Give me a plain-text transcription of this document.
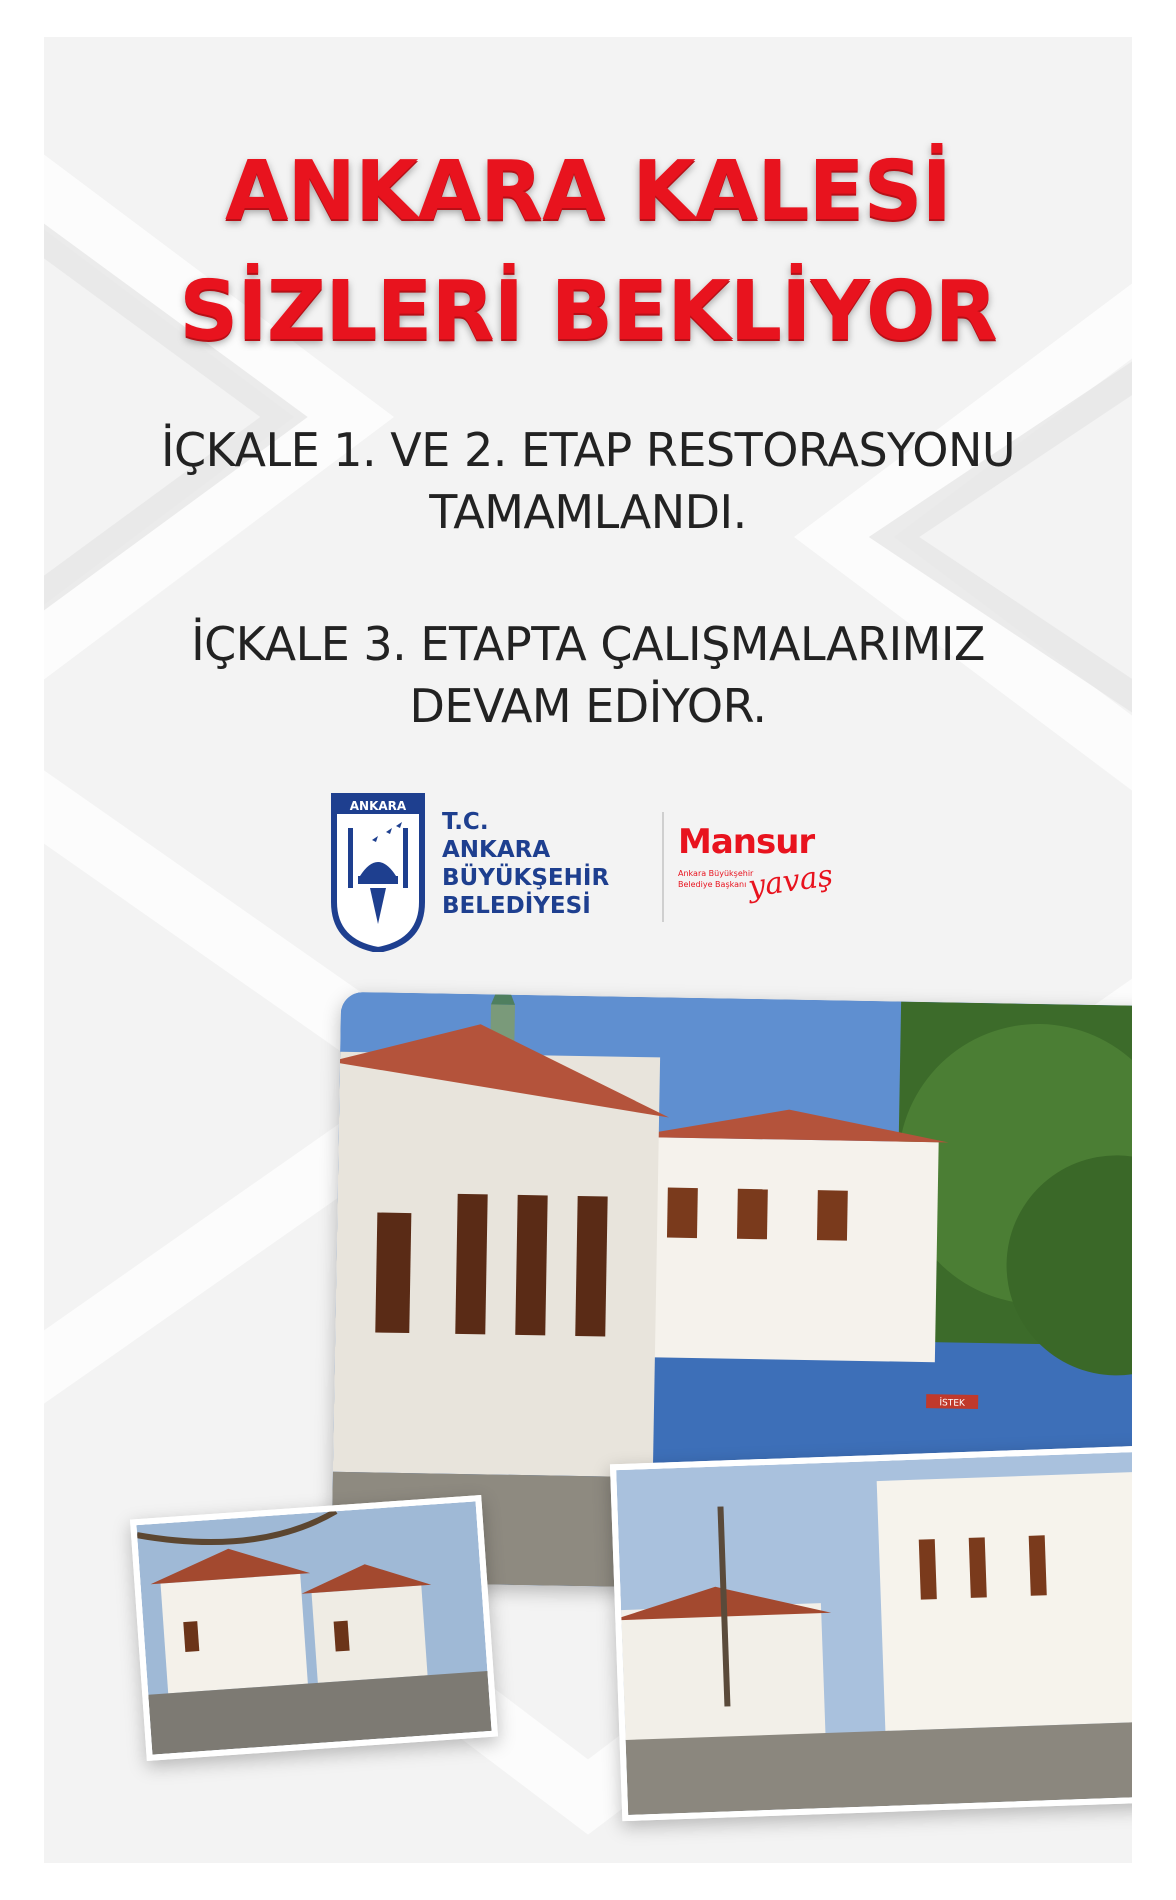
ANKARA KALESİ
SİZLERİ BEKLİYOR
İÇKALE 1. VE 2. ETAP RESTORASYONU
TAMAMLANDI.
İÇKALE 3. ETAPTA ÇALIŞMALARIMIZ
DEVAM EDİYOR.
ANKARA
T.C.
ANKARA
BÜYÜKŞEHİR
BELEDİYESİ
Mansur
Ankara Büyükşehir
Belediye Başkanı yavaş
İSTEK
